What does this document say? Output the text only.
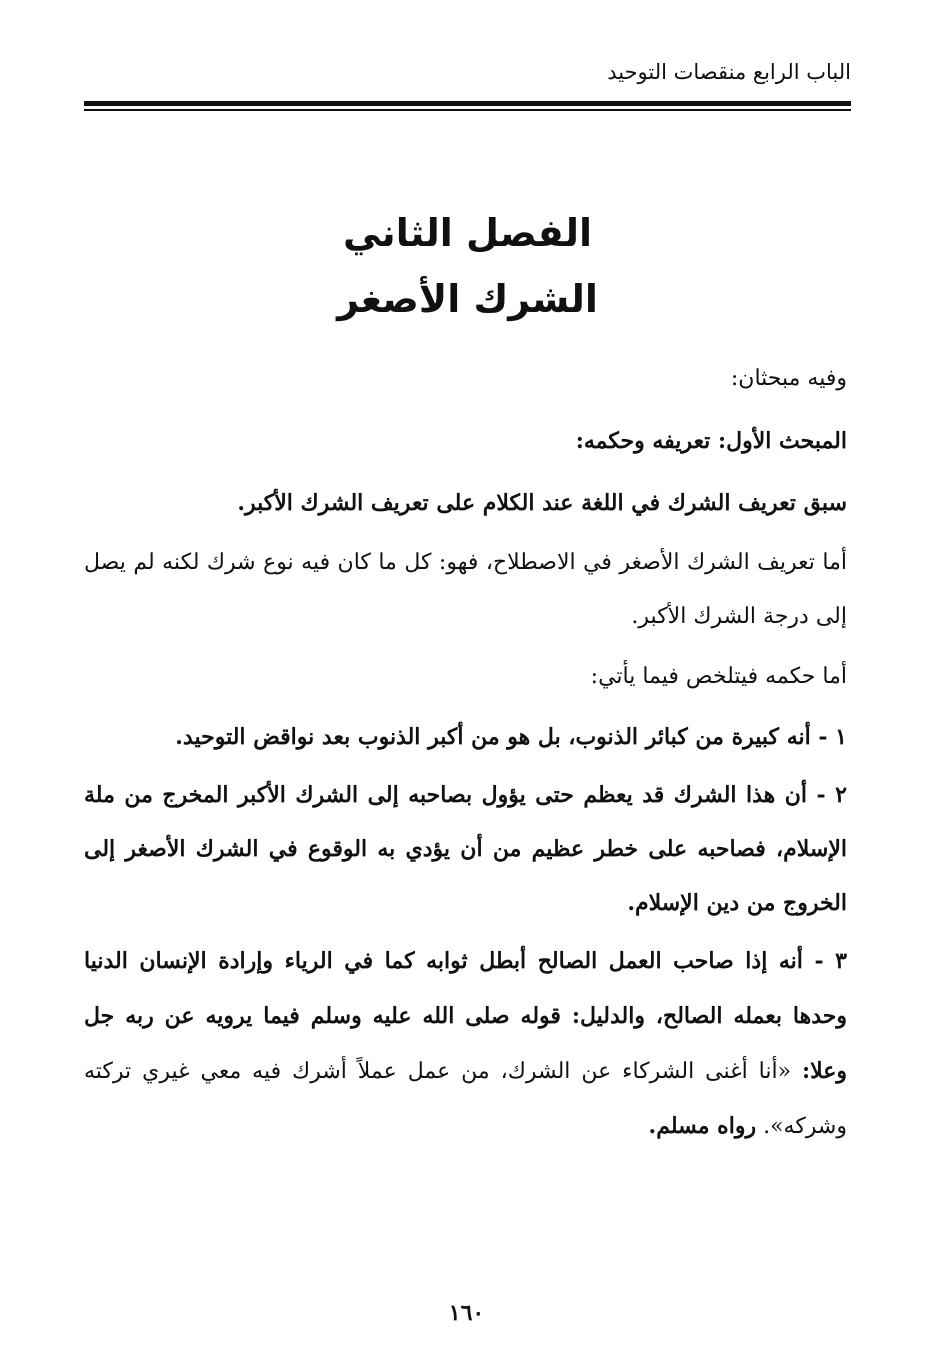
الباب الرابع منقصات التوحيد
الفصل الثاني
الشرك الأصغر

وفيه مبحثان:

المبحث الأول: تعريفه وحكمه:

سبق تعريف الشرك في اللغة عند الكلام على تعريف الشرك الأكبر.

أما تعريف الشرك الأصغر في الاصطلاح، فهو: كل ما كان فيه نوع شرك لكنه لم يصل إلى درجة الشرك الأكبر.

أما حكمه فيتلخص فيما يأتي:

١ - أنه كبيرة من كبائر الذنوب، بل هو من أكبر الذنوب بعد نواقض التوحيد.

٢ - أن هذا الشرك قد يعظم حتى يؤول بصاحبه إلى الشرك الأكبر المخرج من ملة الإسلام، فصاحبه على خطر عظيم من أن يؤدي به الوقوع في الشرك الأصغر إلى الخروج من دين الإسلام.

٣ - أنه إذا صاحب العمل الصالح أبطل ثوابه كما في الرياء وإرادة الإنسان الدنيا وحدها بعمله الصالح، والدليل: قوله صلى الله عليه وسلم فيما يرويه عن ربه جل وعلا: «أنا أغنى الشركاء عن الشرك، من عمل عملاً أشرك فيه معي غيري تركته وشركه». رواه مسلم.

١٦٠
